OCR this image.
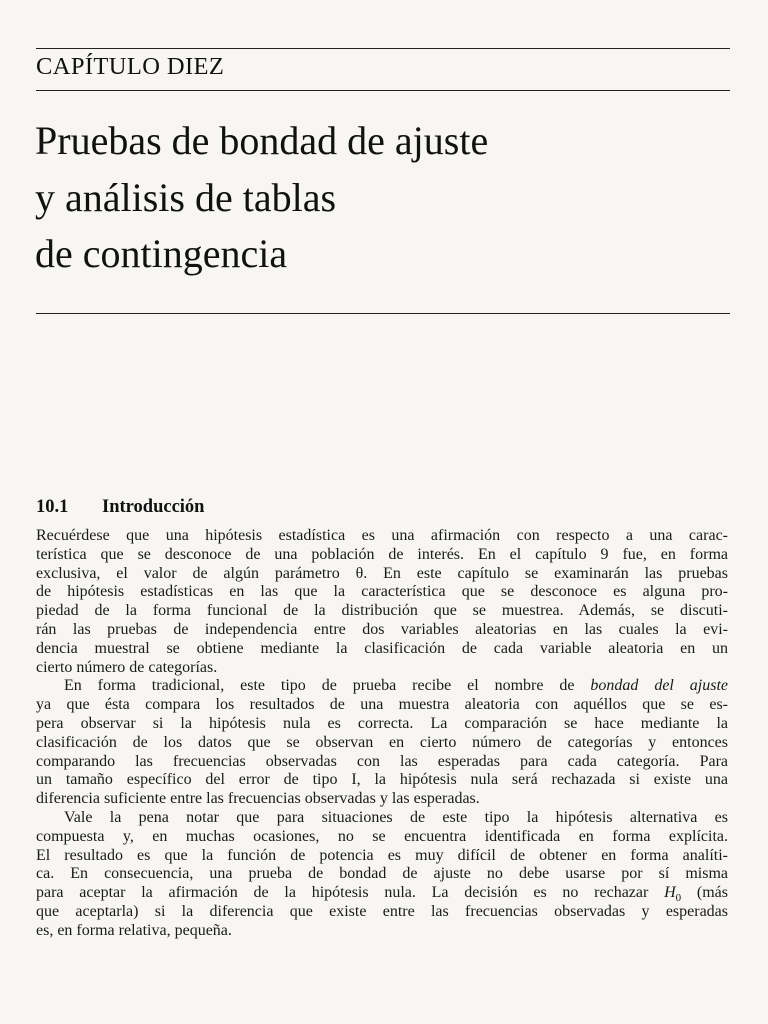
CAPÍTULO DIEZ

Pruebas de bondad de ajuste
y análisis de tablas
de contingencia
10.1 Introducción
Recuérdese que una hipótesis estadística es una afirmación con respecto a una carac-
terística que se desconoce de una población de interés. En el capítulo 9 fue, en forma
exclusiva, el valor de algún parámetro θ. En este capítulo se examinarán las pruebas
de hipótesis estadísticas en las que la característica que se desconoce es alguna pro-
piedad de la forma funcional de la distribución que se muestrea. Además, se discuti-
rán las pruebas de independencia entre dos variables aleatorias en las cuales la evi-
dencia muestral se obtiene mediante la clasificación de cada variable aleatoria en un
cierto número de categorías.
En forma tradicional, este tipo de prueba recibe el nombre de bondad del ajuste
ya que ésta compara los resultados de una muestra aleatoria con aquéllos que se es-
pera observar si la hipótesis nula es correcta. La comparación se hace mediante la
clasificación de los datos que se observan en cierto número de categorías y entonces
comparando las frecuencias observadas con las esperadas para cada categoría. Para
un tamaño específico del error de tipo I, la hipótesis nula será rechazada si existe una
diferencia suficiente entre las frecuencias observadas y las esperadas.
Vale la pena notar que para situaciones de este tipo la hipótesis alternativa es
compuesta y, en muchas ocasiones, no se encuentra identificada en forma explícita.
El resultado es que la función de potencia es muy difícil de obtener en forma analíti-
ca. En consecuencia, una prueba de bondad de ajuste no debe usarse por sí misma
para aceptar la afirmación de la hipótesis nula. La decisión es no rechazar $H_0$ (más
que aceptarla) si la diferencia que existe entre las frecuencias observadas y esperadas
es, en forma relativa, pequeña.
